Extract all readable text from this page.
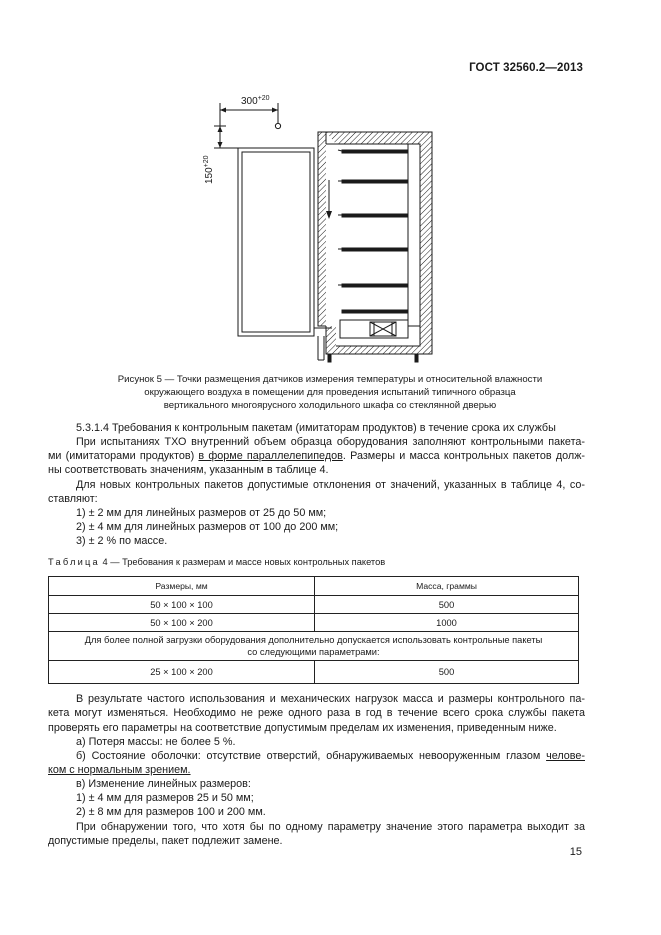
ГОСТ 32560.2—2013
$300^{+20}$
$150^{+20}$
Рисунок 5 — Точки размещения датчиков измерения температуры и относительной влажности
окружающего воздуха в помещении для проведения испытаний типичного образца
вертикального многоярусного холодильного шкафа со стеклянной дверью
5.3.1.4 Требования к контрольным пакетам (имитаторам продуктов) в течение срока их службы
При испытаниях ТХО внутренний объем образца оборудования заполняют контрольными пакета-
ми (имитаторами продуктов) в форме параллелепипедов. Размеры и масса контрольных пакетов долж-
ны соответствовать значениям, указанным в таблице 4.
Для новых контрольных пакетов допустимые отклонения от значений, указанных в таблице 4, со-
ставляют:
1) ± 2 мм для линейных размеров от 25 до 50 мм;
2) ± 4 мм для линейных размеров от 100 до 200 мм;
3) ± 2 % по массе.
Таблица 4 — Требования к размерам и массе новых контрольных пакетов
Размеры, мм	Масса, граммы
50 × 100 × 100	500
50 × 100 × 200	1000

Для более полной загрузки оборудования дополнительно допускается использовать контрольные пакеты
со следующими параметрами:	

25 × 100 × 200	500
В результате частого использования и механических нагрузок масса и размеры контрольного па-
кета могут изменяться. Необходимо не реже одного раза в год в течение всего срока службы пакета
проверять его параметры на соответствие допустимым пределам их изменения, приведенным ниже.
а) Потеря массы: не более 5 %.
б) Состояние оболочки: отсутствие отверстий, обнаруживаемых невооруженным глазом челове-
ком с нормальным зрением.
в) Изменение линейных размеров:
1) ± 4 мм для размеров 25 и 50 мм;
2) ± 8 мм для размеров 100 и 200 мм.
При обнаружении того, что хотя бы по одному параметру значение этого параметра выходит за
допустимые пределы, пакет подлежит замене.
15
